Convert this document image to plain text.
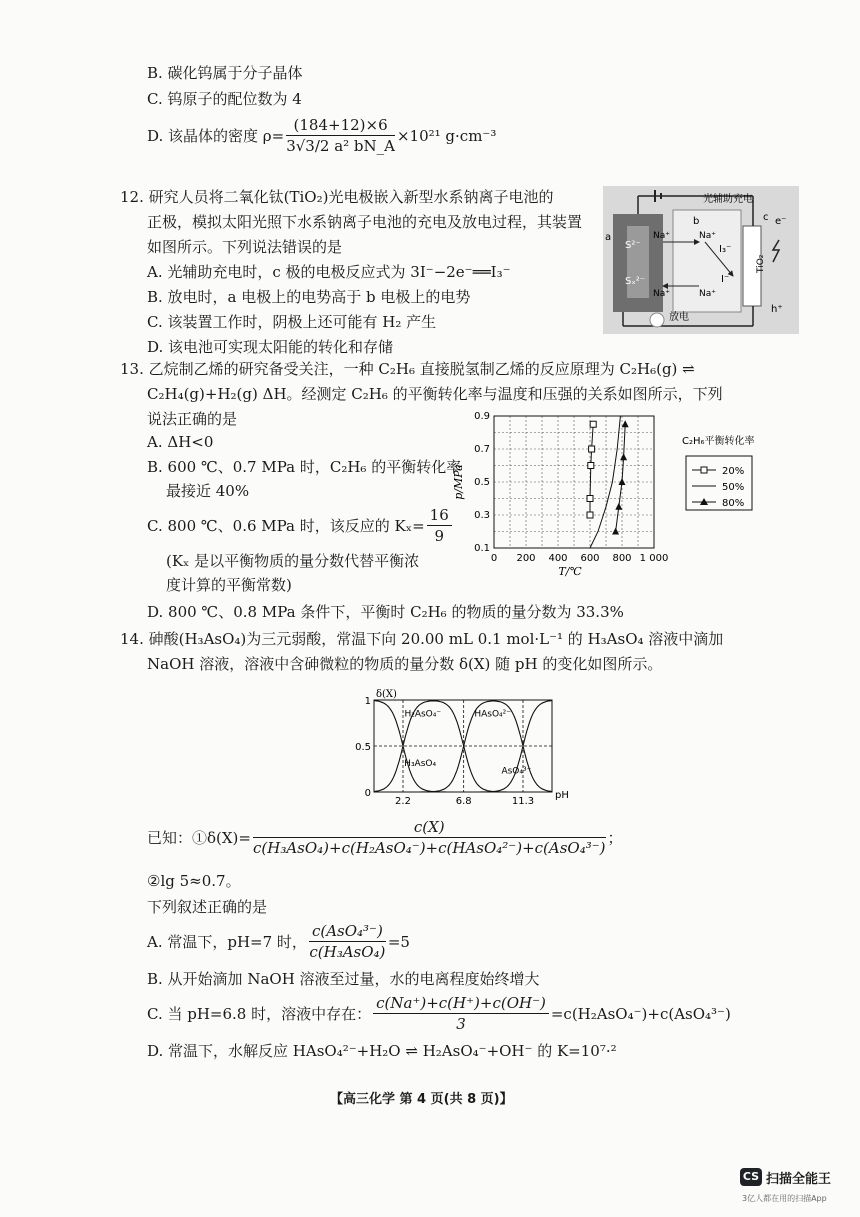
B. 碳化钨属于分子晶体
C. 钨原子的配位数为 4
D. 该晶体的密度 $\rho= \frac{(184+12)\times 6}{\text{3√3/2 a² bN\_A}} \times 10^{21}$ g·cm⁻³
12. 研究人员将二氧化钛(TiO₂)光电极嵌入新型水系钠离子电池的
正极，模拟太阳光照下水系钠离子电池的充电及放电过程，其装置
如图所示。下列说法错误的是
A. 光辅助充电时，c 极的电极反应式为 3I⁻−2e⁻══I₃⁻
B. 放电时，a 电极上的电势高于 b 电极上的电势
C. 该装置工作时，阴极上还可能有 H₂ 产生
D. 该电池可实现太阳能的转化和存储
光辅助充电
a
b	c e⁻
h⁺
TiO₂
I₃⁻
I⁻
S²⁻
Sₓ²⁻
Na⁺	Na⁺
Na⁺	Na⁺
放电
13. 乙烷制乙烯的研究备受关注，一种 C₂H₆ 直接脱氢制乙烯的反应原理为 C₂H₆(g) ⇌
C₂H₄(g)+H₂(g) ΔH。经测定 C₂H₆ 的平衡转化率与温度和压强的关系如图所示，下列
说法正确的是
A. ΔH<0
B. 600 ℃、0.7 MPa 时，C₂H₆ 的平衡转化率
最接近 40%
C. 800 ℃、0.6 MPa 时，该反应的 $K_x= \frac{16}{9}$
(Kₓ 是以平衡物质的量分数代替平衡浓
度计算的平衡常数)
D. 800 ℃、0.8 MPa 条件下，平衡时 C₂H₆ 的物质的量分数为 33.3%
0 200 400 600 800 1 000
0.1
0.3
0.5
0.7
0.9
T/℃
p/MPa
C₂H₆平衡转化率
20%
50%
80%
14. 砷酸(H₃AsO₄)为三元弱酸，常温下向 20.00 mL 0.1 mol·L⁻¹ 的 H₃AsO₄ 溶液中滴加
NaOH 溶液，溶液中含砷微粒的物质的量分数 δ(X) 随 pH 的变化如图所示。
2.2	6.8	11.3
0
0.5
1
δ(X)
pH
H₃AsO₄
H₂AsO₄⁻	HAsO₄²⁻
AsO₄³⁻
已知：①δ(X)= $\frac{c(X)}{\text{c(H₃AsO₄)+c(H₂AsO₄⁻)+c(HAsO₄²⁻)+c(AsO₄³⁻)}}$ ；
②lg 5≈0.7。
下列叙述正确的是
A. 常温下，pH=7 时， $\frac{\text{c(AsO₄³⁻)}}{\text{c(H₃AsO₄)}} =5$
B. 从开始滴加 NaOH 溶液至过量，水的电离程度始终增大
C. 当 pH=6.8 时，溶液中存在： $\frac{c(Na^+)+c(H^+)+c(OH^-)}{3} =c(H_2AsO_4^-)+c(AsO_4^{3-})$
D. 常温下，水解反应 HAsO₄²⁻+H₂O ⇌ H₂AsO₄⁻+OH⁻ 的 K=10⁷·²
【高三化学 第 4 页(共 8 页)】
CS 扫描全能王
3亿人都在用的扫描App
